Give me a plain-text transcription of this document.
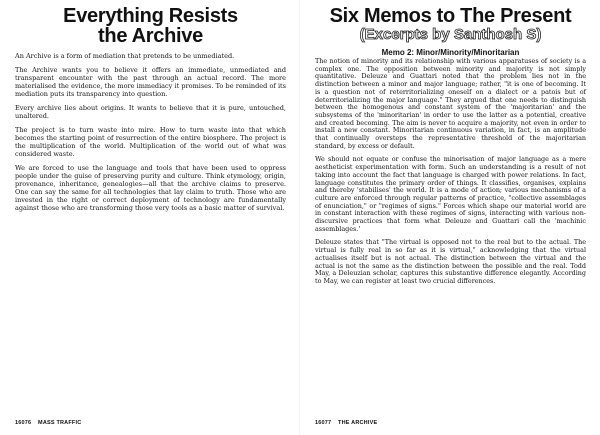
Everything Resists
the Archive

An Archive is a form of mediation that pretends to be unmediated.

The Archive wants you to believe it offers an immediate, unmediated and transparent encounter with the past through an actual record. The more materialised the evidence, the more immediacy it promises. To be reminded of its mediation puts its transparency into question.

Every archive lies about origins. It wants to believe that it is pure, untouched, unaltered.

The project is to turn waste into mire. How to turn waste into that which becomes the starting point of resurrection of the entire biosphere. The project is the multiplication of the world. Multiplication of the world out of what was considered waste.

We are forced to use the language and tools that have been used to oppress people under the guise of preserving purity and culture. Think etymology, origin, provenance, inheritance, genealogies—all that the archive claims to preserve. One can say the same for all technologies that lay claim to truth. Those who are invested in the right or correct deployment of technology are fundamentally against those who are transforming those very tools as a basic matter of survival.

16076 MASS TRAFFIC
Six Memos to The Present
(Excerpts by Santhosh S)
Memo 2: Minor/Minority/Minoritarian

The notion of minority and its relationship with various apparatuses of society is a complex one. The opposition between minority and majority is not simply quantitative. Deleuze and Guattari noted that the problem lies not in the distinction between a minor and major language; rather, "it is one of becoming. It is a question not of reterritorializing oneself on a dialect or a patois but of deterritorializing the major language." They argued that one needs to distinguish between the homogenous and constant system of the 'majoritarian' and the subsystems of the 'minoritarian' in order to use the latter as a potential, creative and created becoming. The aim is never to acquire a majority, not even in order to install a new constant. Minoritarian continuous variation, in fact, is an amplitude that continually oversteps the representative threshold of the majoritarian standard, by excess or default.

We should not equate or confuse the minorisation of major language as a mere aestheticist experimentation with form. Such an understanding is a result of not taking into account the fact that language is charged with power relations. In fact, language constitutes the primary order of things. It classifies, organises, explains and thereby 'stabilises' the world. It is a mode of action; various mechanisms of a culture are enforced through regular patterns of practice, "collective assemblages of enunciation," or "regimes of signs." Forces which shape our material world are in constant interaction with these regimes of signs, interacting with various non-discursive practices that form what Deleuze and Guattari call the 'machinic assemblages.'

Deleuze states that "The virtual is opposed not to the real but to the actual. The virtual is fully real in so far as it is virtual," acknowledging that the virtual actualises itself but is not actual. The distinction between the virtual and the actual is not the same as the distinction between the possible and the real. Todd May, a Deleuzian scholar, captures this substantive difference elegantly. According to May, we can register at least two crucial differences.

16077 THE ARCHIVE
